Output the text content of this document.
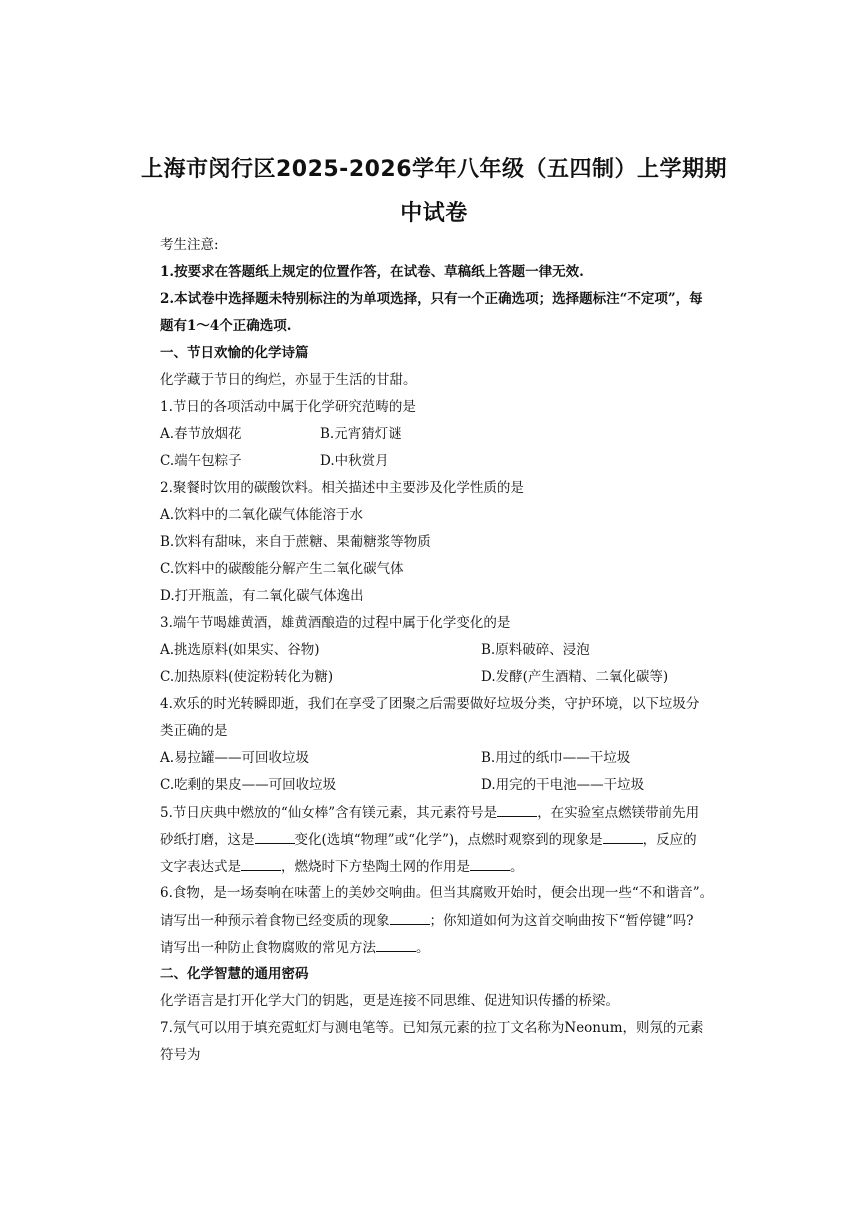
上海市闵行区2025-2026学年八年级（五四制）上学期期
中试卷
考生注意:
1.按要求在答题纸上规定的位置作答，在试卷、草稿纸上答题一律无效.
2.本试卷中选择题未特别标注的为单项选择，只有一个正确选项；选择题标注“不定项”，每
题有1～4个正确选项.
一、节日欢愉的化学诗篇
化学藏于节日的绚烂，亦显于生活的甘甜。
1.节日的各项活动中属于化学研究范畴的是
A.春节放烟花	B.元宵猜灯谜
C.端午包粽子	D.中秋赏月
2.聚餐时饮用的碳酸饮料。相关描述中主要涉及化学性质的是
A.饮料中的二氧化碳气体能溶于水
B.饮料有甜味，来自于蔗糖、果葡糖浆等物质
C.饮料中的碳酸能分解产生二氧化碳气体
D.打开瓶盖，有二氧化碳气体逸出
3.端午节喝雄黄酒，雄黄酒酿造的过程中属于化学变化的是
A.挑选原料(如果实、谷物)	B.原料破碎、浸泡
C.加热原料(使淀粉转化为糖)	D.发酵(产生酒精、二氧化碳等)
4.欢乐的时光转瞬即逝，我们在享受了团聚之后需要做好垃圾分类，守护环境，以下垃圾分
类正确的是
A.易拉罐——可回收垃圾	B.用过的纸巾——干垃圾
C.吃剩的果皮——可回收垃圾	D.用完的干电池——干垃圾
5.节日庆典中燃放的“仙女棒”含有镁元素，其元素符号是	，在实验室点燃镁带前先用
砂纸打磨，这是	变化(选填“物理”或“化学”)，点燃时观察到的现象是	，反应的
文字表达式是	，燃烧时下方垫陶土网的作用是	。
6.食物，是一场奏响在味蕾上的美妙交响曲。但当其腐败开始时，便会出现一些“不和谐音”。
请写出一种预示着食物已经变质的现象	；你知道如何为这首交响曲按下“暂停键”吗?
请写出一种防止食物腐败的常见方法	。
二、化学智慧的通用密码
化学语言是打开化学大门的钥匙，更是连接不同思维、促进知识传播的桥梁。
7.氖气可以用于填充霓虹灯与测电笔等。已知氖元素的拉丁文名称为Neonum，则氖的元素
符号为
